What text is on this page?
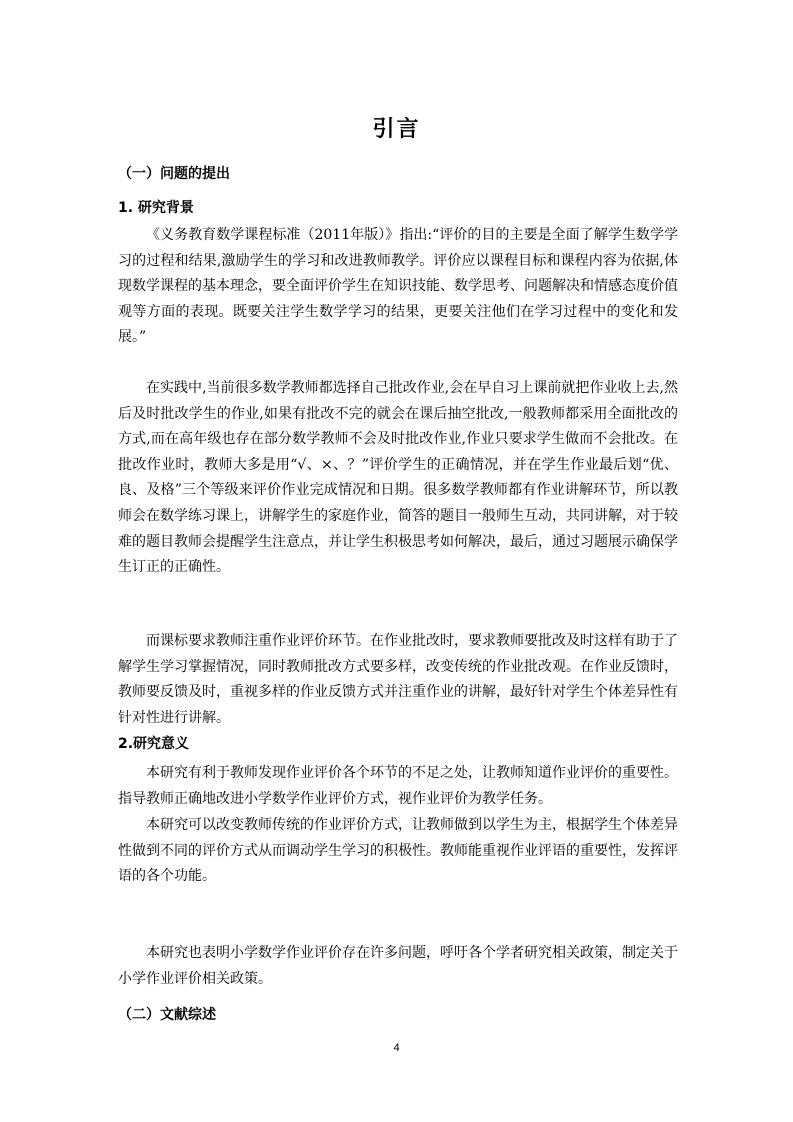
引言
（一）问题的提出
1. 研究背景
《义务教育数学课程标准（2011年版）》指出:“评价的目的主要是全面了解学生数学学习的过程和结果,激励学生的学习和改进教师教学。评价应以课程目标和课程内容为依据,体现数学课程的基本理念，要全面评价学生在知识技能、数学思考、问题解决和情感态度价值观等方面的表现。既要关注学生数学学习的结果，更要关注他们在学习过程中的变化和发展。”
在实践中,当前很多数学教师都选择自己批改作业,会在早自习上课前就把作业收上去,然后及时批改学生的作业,如果有批改不完的就会在课后抽空批改,一般教师都采用全面批改的方式,而在高年级也存在部分数学教师不会及时批改作业,作业只要求学生做而不会批改。在批改作业时，教师大多是用“√、×、？”评价学生的正确情况，并在学生作业最后划“优、良、及格”三个等级来评价作业完成情况和日期。很多数学教师都有作业讲解环节，所以教师会在数学练习课上，讲解学生的家庭作业，简答的题目一般师生互动，共同讲解，对于较难的题目教师会提醒学生注意点，并让学生积极思考如何解决，最后，通过习题展示确保学生订正的正确性。
而课标要求教师注重作业评价环节。在作业批改时，要求教师要批改及时这样有助于了解学生学习掌握情况，同时教师批改方式要多样，改变传统的作业批改观。在作业反馈时，教师要反馈及时，重视多样的作业反馈方式并注重作业的讲解，最好针对学生个体差异性有针对性进行讲解。
2.研究意义
本研究有利于教师发现作业评价各个环节的不足之处，让教师知道作业评价的重要性。指导教师正确地改进小学数学作业评价方式，视作业评价为教学任务。
本研究可以改变教师传统的作业评价方式，让教师做到以学生为主，根据学生个体差异性做到不同的评价方式从而调动学生学习的积极性。教师能重视作业评语的重要性，发挥评语的各个功能。
本研究也表明小学数学作业评价存在许多问题，呼吁各个学者研究相关政策，制定关于小学作业评价相关政策。
（二）文献综述
4
